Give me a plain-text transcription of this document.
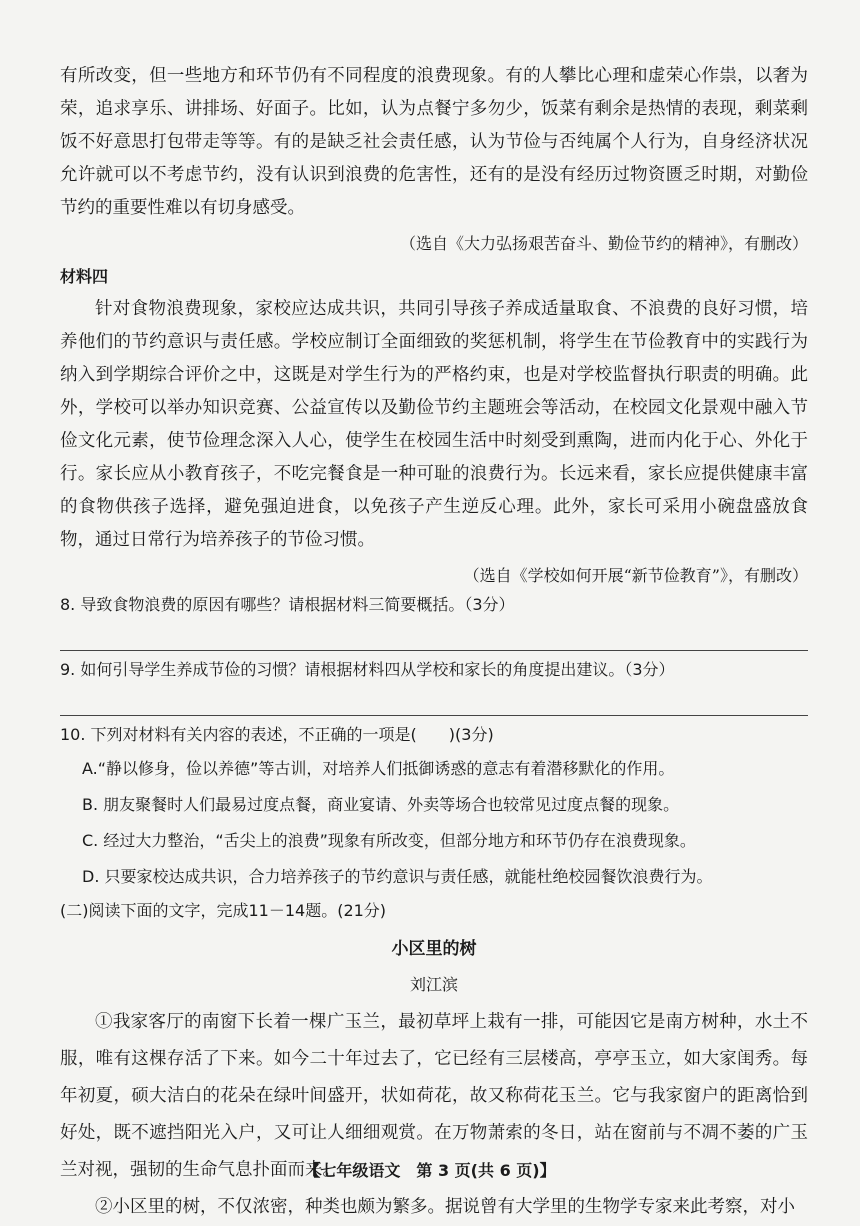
有所改变，但一些地方和环节仍有不同程度的浪费现象。有的人攀比心理和虚荣心作祟，以奢为荣，追求享乐、讲排场、好面子。比如，认为点餐宁多勿少，饭菜有剩余是热情的表现，剩菜剩饭不好意思打包带走等等。有的是缺乏社会责任感，认为节俭与否纯属个人行为，自身经济状况允许就可以不考虑节约，没有认识到浪费的危害性，还有的是没有经历过物资匮乏时期，对勤俭节约的重要性难以有切身感受。

（选自《大力弘扬艰苦奋斗、勤俭节约的精神》，有删改）

材料四

针对食物浪费现象，家校应达成共识，共同引导孩子养成适量取食、不浪费的良好习惯，培养他们的节约意识与责任感。学校应制订全面细致的奖惩机制，将学生在节俭教育中的实践行为纳入到学期综合评价之中，这既是对学生行为的严格约束，也是对学校监督执行职责的明确。此外，学校可以举办知识竞赛、公益宣传以及勤俭节约主题班会等活动，在校园文化景观中融入节俭文化元素，使节俭理念深入人心，使学生在校园生活中时刻受到熏陶，进而内化于心、外化于行。家长应从小教育孩子，不吃完餐食是一种可耻的浪费行为。长远来看，家长应提供健康丰富的食物供孩子选择，避免强迫进食，以免孩子产生逆反心理。此外，家长可采用小碗盘盛放食物，通过日常行为培养孩子的节俭习惯。

（选自《学校如何开展“新节俭教育”》，有删改）

8. 导致食物浪费的原因有哪些？请根据材料三简要概括。（3分）

9. 如何引导学生养成节俭的习惯？请根据材料四从学校和家长的角度提出建议。（3分）

10. 下列对材料有关内容的表述，不正确的一项是(　　)(3分)

A.“静以修身，俭以养德”等古训，对培养人们抵御诱惑的意志有着潜移默化的作用。

B. 朋友聚餐时人们最易过度点餐，商业宴请、外卖等场合也较常见过度点餐的现象。

C. 经过大力整治，“舌尖上的浪费”现象有所改变，但部分地方和环节仍存在浪费现象。

D. 只要家校达成共识，合力培养孩子的节约意识与责任感，就能杜绝校园餐饮浪费行为。

(二)阅读下面的文字，完成11－14题。(21分)

小区里的树

刘江滨

①我家客厅的南窗下长着一棵广玉兰，最初草坪上栽有一排，可能因它是南方树种，水土不服，唯有这棵存活了下来。如今二十年过去了，它已经有三层楼高，亭亭玉立，如大家闺秀。每年初夏，硕大洁白的花朵在绿叶间盛开，状如荷花，故又称荷花玉兰。它与我家窗户的距离恰到好处，既不遮挡阳光入户，又可让人细细观赏。在万物萧索的冬日，站在窗前与不凋不萎的广玉兰对视，强韧的生命气息扑面而来。

②小区里的树，不仅浓密，种类也颇为繁多。据说曾有大学里的生物学专家来此考察，对小

【七年级语文　第 3 页(共 6 页)】
